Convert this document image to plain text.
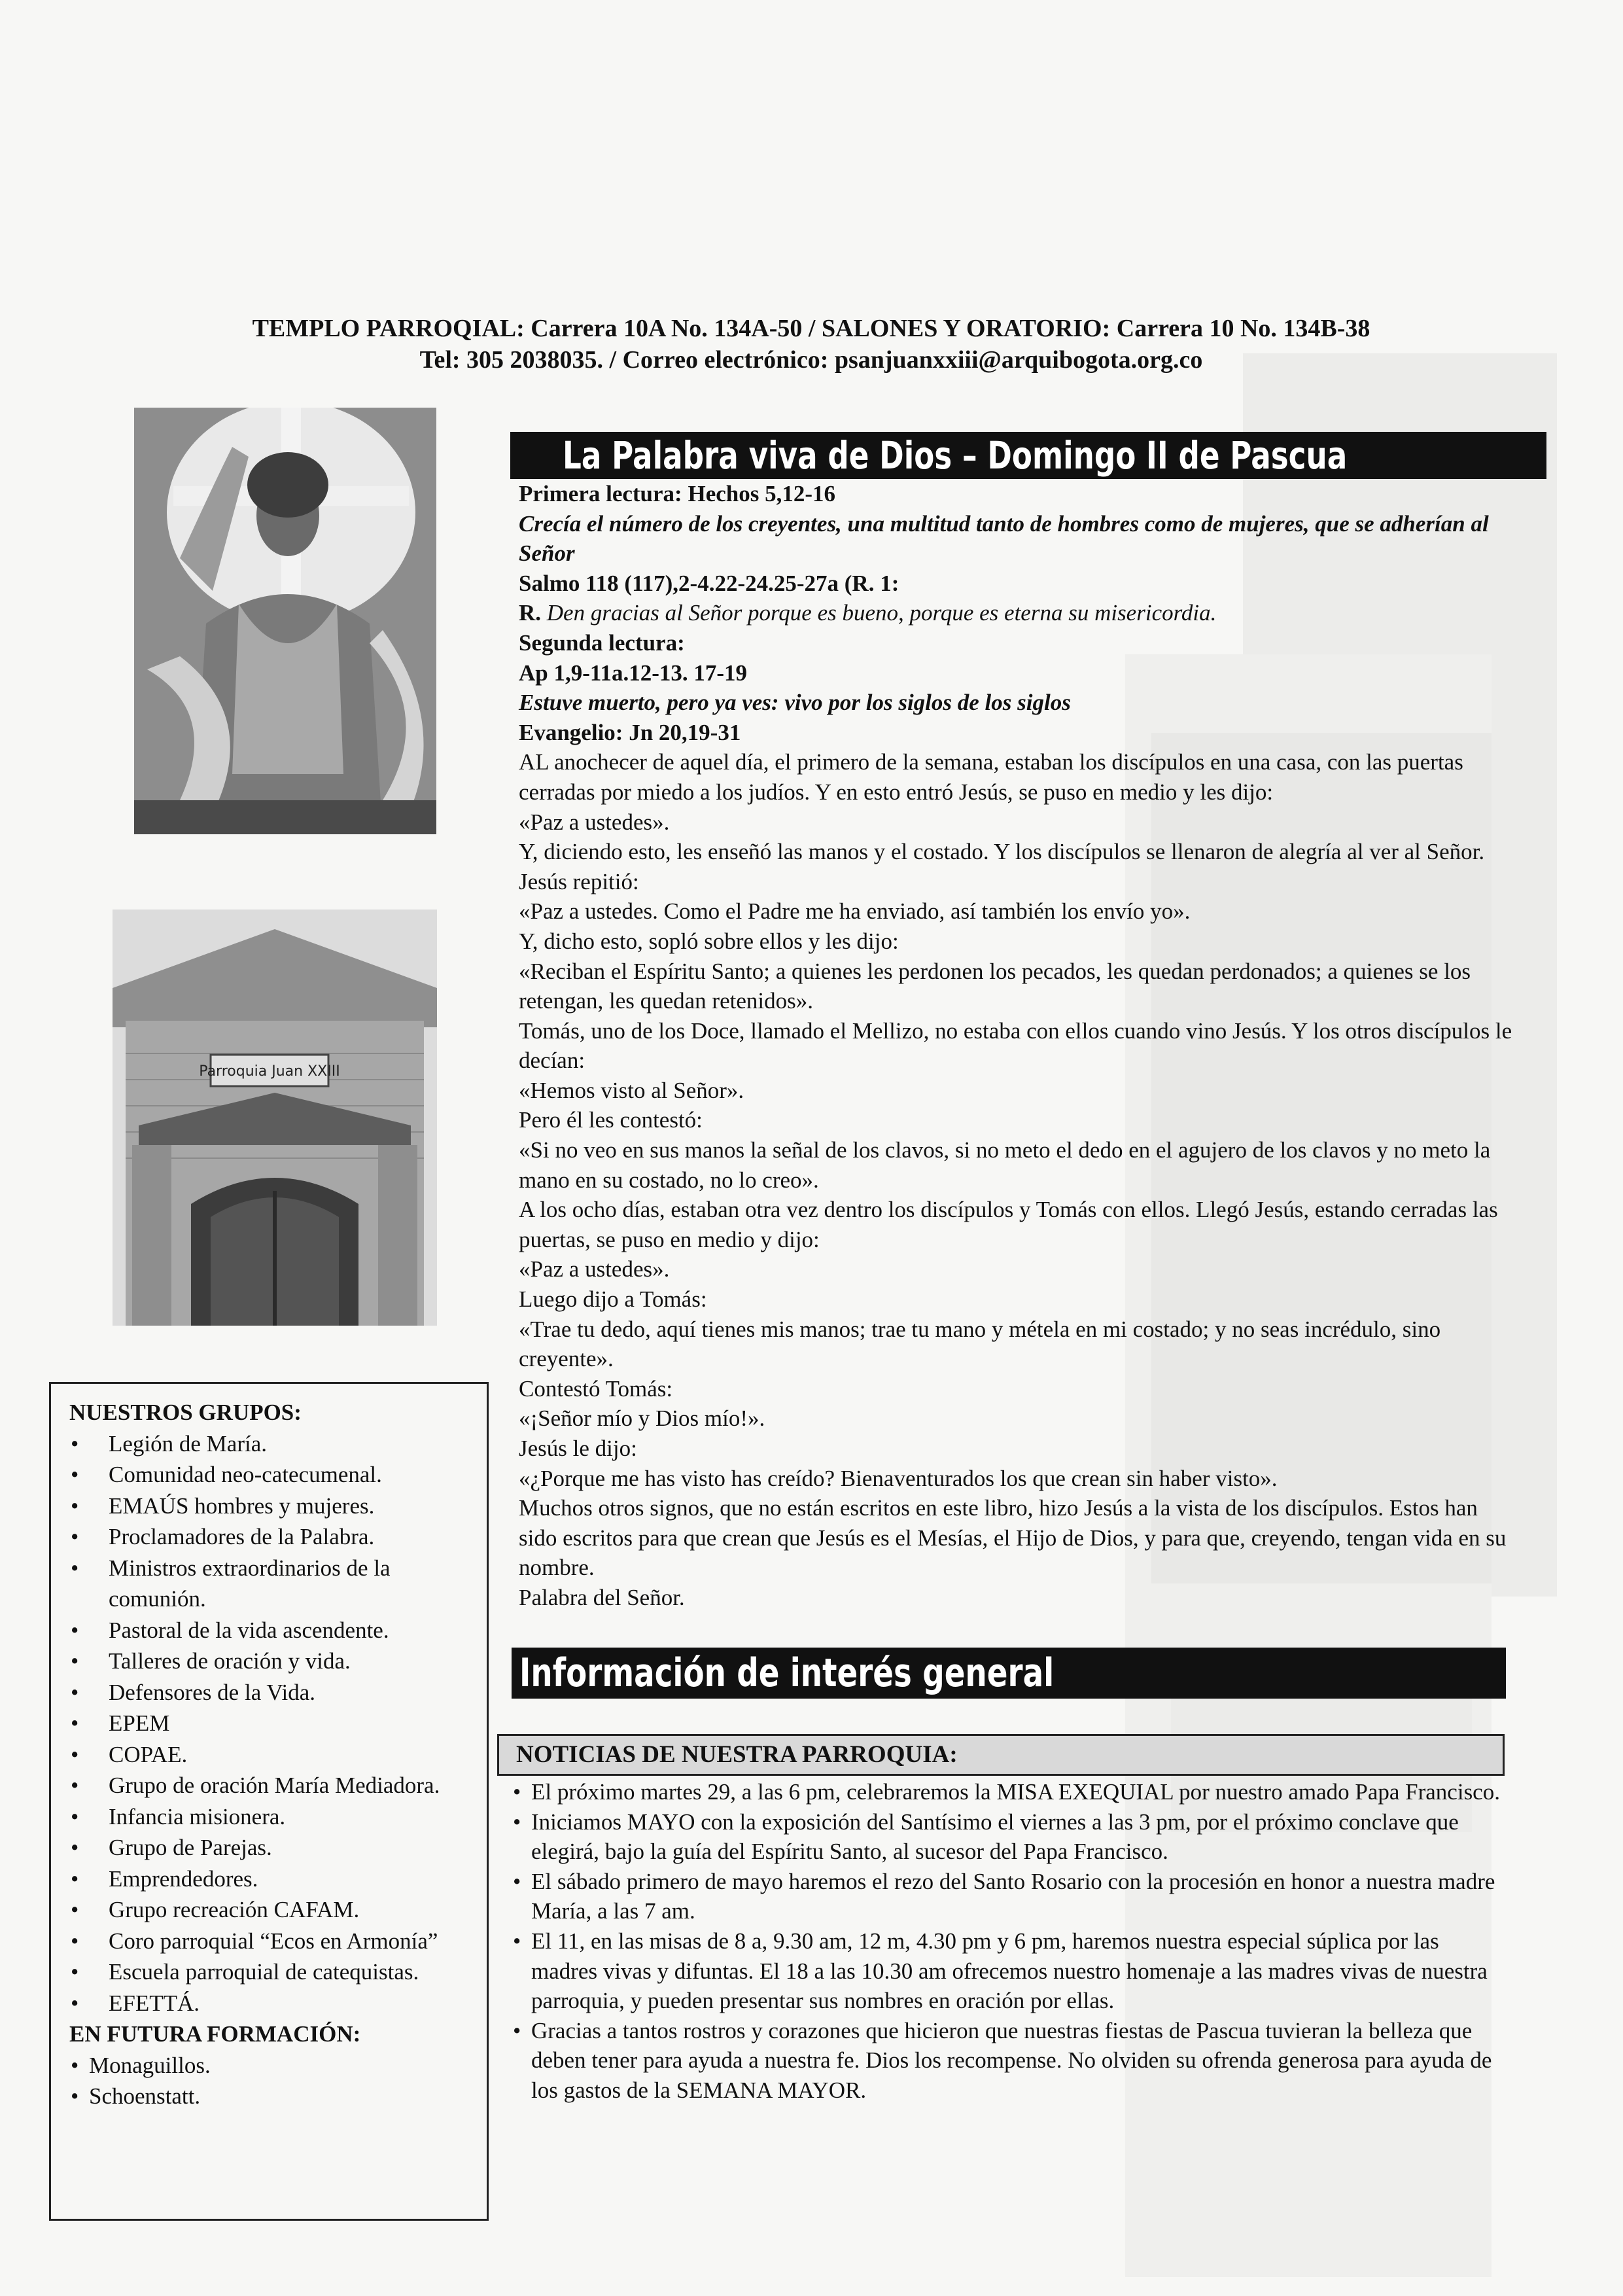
TEMPLO PARROQIAL: Carrera 10A No. 134A-50 / SALONES Y ORATORIO: Carrera 10 No. 134B-38
Tel: 305 2038035. / Correo electrónico: psanjuanxxiii@arquibogota.org.co
Parroquia Juan XXIII
La Palabra viva de Dios – Domingo II de Pascua

Primera lectura: Hechos 5,12-16

Crecía el número de los creyentes, una multitud tanto de hombres como de mujeres, que se adherían al Señor

Salmo 118 (117),2-4.22-24.25-27a (R. 1:

R. Den gracias al Señor porque es bueno, porque es eterna su misericordia.

Segunda lectura:

Ap 1,9-11a.12-13. 17-19

Estuve muerto, pero ya ves: vivo por los siglos de los siglos

Evangelio: Jn 20,19-31

AL anochecer de aquel día, el primero de la semana, estaban los discípulos en una casa, con las puertas cerradas por miedo a los judíos. Y en esto entró Jesús, se puso en medio y les dijo:

«Paz a ustedes».

Y, diciendo esto, les enseñó las manos y el costado. Y los discípulos se llenaron de alegría al ver al Señor. Jesús repitió:

«Paz a ustedes. Como el Padre me ha enviado, así también los envío yo».

Y, dicho esto, sopló sobre ellos y les dijo:

«Reciban el Espíritu Santo; a quienes les perdonen los pecados, les quedan perdonados; a quienes se los retengan, les quedan retenidos».

Tomás, uno de los Doce, llamado el Mellizo, no estaba con ellos cuando vino Jesús. Y los otros discípulos le decían:

«Hemos visto al Señor».

Pero él les contestó:

«Si no veo en sus manos la señal de los clavos, si no meto el dedo en el agujero de los clavos y no meto la mano en su costado, no lo creo».

A los ocho días, estaban otra vez dentro los discípulos y Tomás con ellos. Llegó Jesús, estando cerradas las puertas, se puso en medio y dijo:

«Paz a ustedes».

Luego dijo a Tomás:

«Trae tu dedo, aquí tienes mis manos; trae tu mano y métela en mi costado; y no seas incrédulo, sino creyente».

Contestó Tomás:

«¡Señor mío y Dios mío!».

Jesús le dijo:

«¿Porque me has visto has creído? Bienaventurados los que crean sin haber visto».

Muchos otros signos, que no están escritos en este libro, hizo Jesús a la vista de los discípulos. Estos han sido escritos para que crean que Jesús es el Mesías, el Hijo de Dios, y para que, creyendo, tengan vida en su nombre.

Palabra del Señor.

NUESTROS GRUPOS:
• Legión de María.
• Comunidad neo-catecumenal.
• EMAÚS hombres y mujeres.
• Proclamadores de la Palabra.
• Ministros extraordinarios de la comunión.
• Pastoral de la vida ascendente.
• Talleres de oración y vida.
• Defensores de la Vida.
• EPEM
• COPAE.
• Grupo de oración María Mediadora.
• Infancia misionera.
• Grupo de Parejas.
• Emprendedores.
• Grupo recreación CAFAM.
• Coro parroquial “Ecos en Armonía”
• Escuela parroquial de catequistas.
• EFETTÁ.
EN FUTURA FORMACIÓN:
• Monaguillos.
• Schoenstatt.
Información de interés general
NOTICIAS DE NUESTRA PARROQUIA:
• El próximo martes 29, a las 6 pm, celebraremos la MISA EXEQUIAL por nuestro amado Papa Francisco.
• Iniciamos MAYO con la exposición del Santísimo el viernes a las 3 pm, por el próximo conclave que elegirá, bajo la guía del Espíritu Santo, al sucesor del Papa Francisco.
• El sábado primero de mayo haremos el rezo del Santo Rosario con la procesión en honor a nuestra madre María, a las 7 am.
• El 11, en las misas de 8 a, 9.30 am, 12 m, 4.30 pm y 6 pm, haremos nuestra especial súplica por las madres vivas y difuntas. El 18 a las 10.30 am ofrecemos nuestro homenaje a las madres vivas de nuestra parroquia, y pueden presentar sus nombres en oración por ellas.
• Gracias a tantos rostros y corazones que hicieron que nuestras fiestas de Pascua tuvieran la belleza que deben tener para ayuda a nuestra fe. Dios los recompense. No olviden su ofrenda generosa para ayuda de los gastos de la SEMANA MAYOR.
